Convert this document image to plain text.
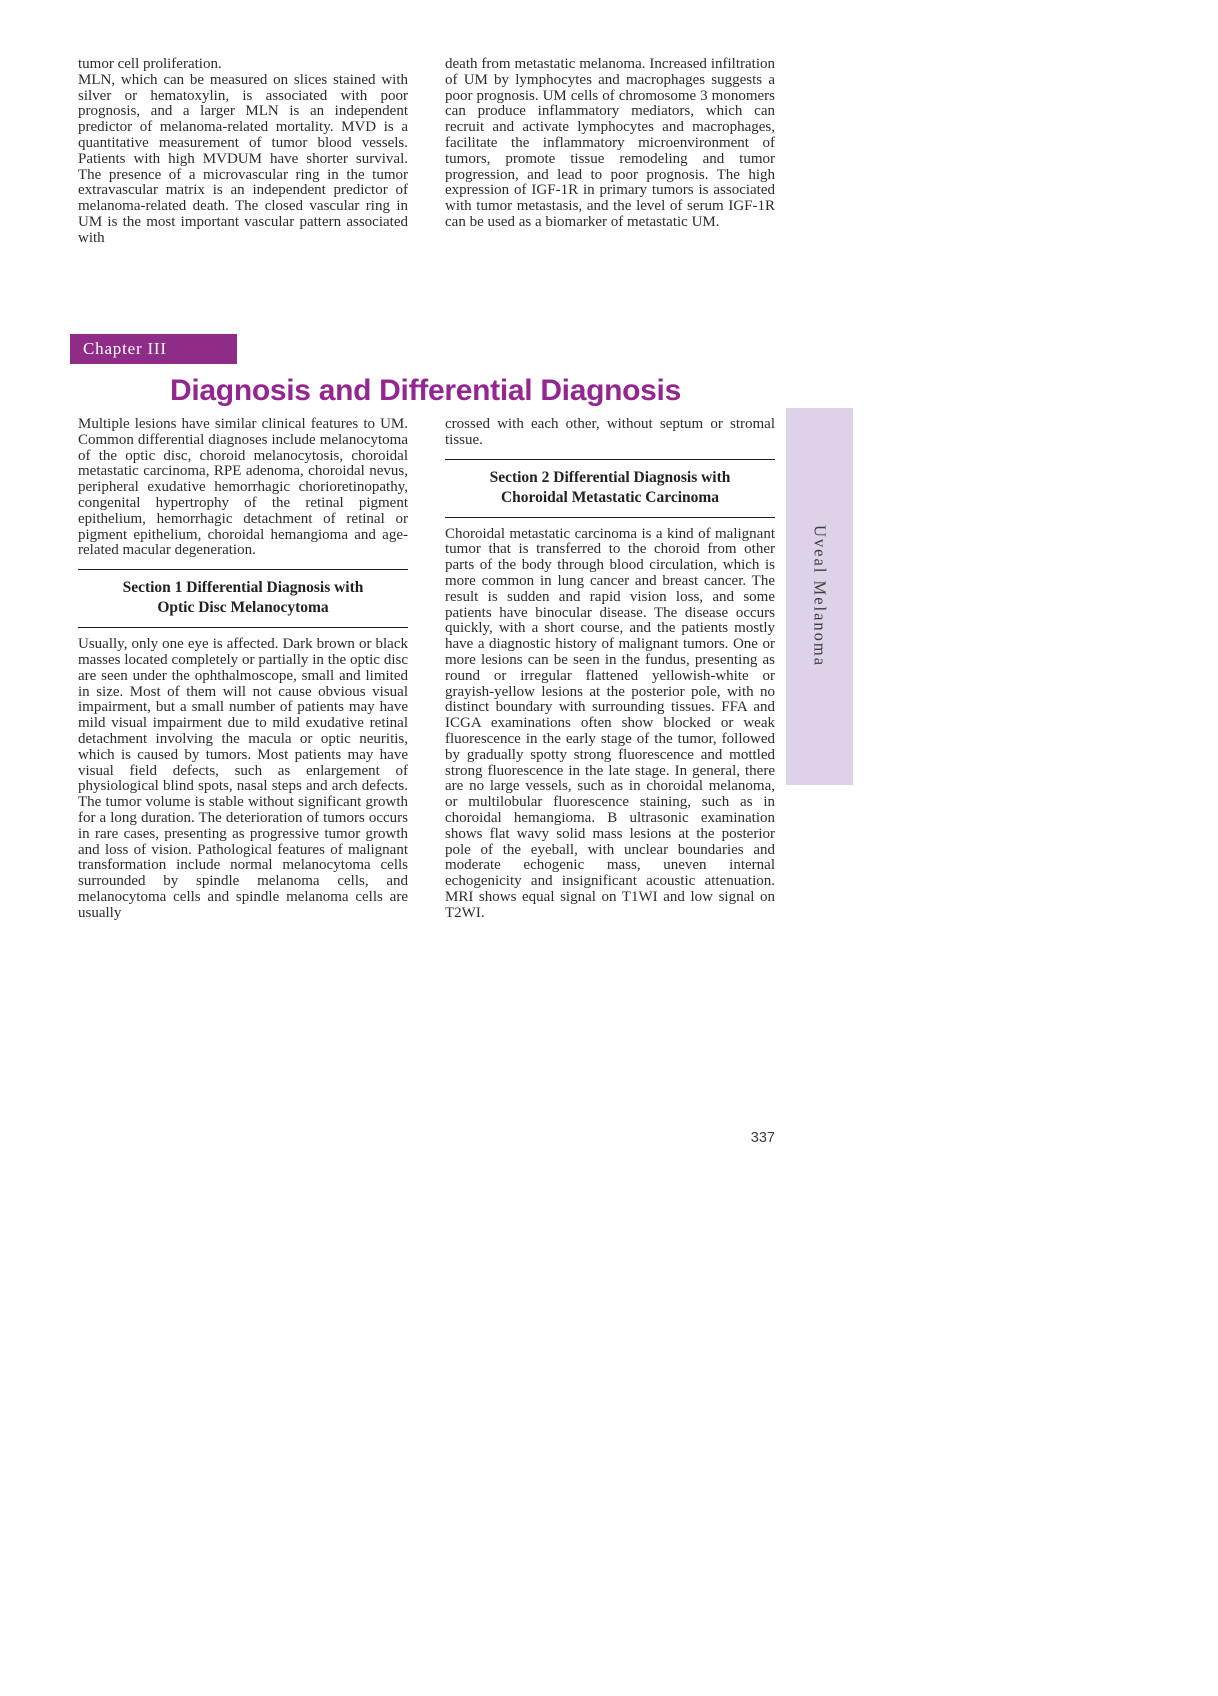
tumor cell proliferation.

MLN, which can be measured on slices stained with silver or hematoxylin, is associated with poor prognosis, and a larger MLN is an independent predictor of melanoma-related mortality. MVD is a quantitative measurement of tumor blood vessels. Patients with high MVDUM have shorter survival. The presence of a microvascular ring in the tumor extravascular matrix is an independent predictor of melanoma-related death. The closed vascular ring in UM is the most important vascular pattern associated with

death from metastatic melanoma. Increased infiltration of UM by lymphocytes and macrophages suggests a poor prognosis. UM cells of chromosome 3 monomers can produce inflammatory mediators, which can recruit and activate lymphocytes and macrophages, facilitate the inflammatory microenvironment of tumors, promote tissue remodeling and tumor progression, and lead to poor prognosis. The high expression of IGF-1R in primary tumors is associated with tumor metastasis, and the level of serum IGF-1R can be used as a biomarker of metastatic UM.

Chapter III
Diagnosis and Differential Diagnosis

Multiple lesions have similar clinical features to UM. Common differential diagnoses include melanocytoma of the optic disc, choroid melanocytosis, choroidal metastatic carcinoma, RPE adenoma, choroidal nevus, peripheral exudative hemorrhagic chorioretinopathy, congenital hypertrophy of the retinal pigment epithelium, hemorrhagic detachment of retinal or pigment epithelium, choroidal hemangioma and age-related macular degeneration.

Section 1 Differential Diagnosis with
Optic Disc Melanocytoma

Usually, only one eye is affected. Dark brown or black masses located completely or partially in the optic disc are seen under the ophthalmoscope, small and limited in size. Most of them will not cause obvious visual impairment, but a small number of patients may have mild visual impairment due to mild exudative retinal detachment involving the macula or optic neuritis, which is caused by tumors. Most patients may have visual field defects, such as enlargement of physiological blind spots, nasal steps and arch defects. The tumor volume is stable without significant growth for a long duration. The deterioration of tumors occurs in rare cases, presenting as progressive tumor growth and loss of vision. Pathological features of malignant transformation include normal melanocytoma cells surrounded by spindle melanoma cells, and melanocytoma cells and spindle melanoma cells are usually

crossed with each other, without septum or stromal tissue.

Section 2 Differential Diagnosis with
Choroidal Metastatic Carcinoma

Choroidal metastatic carcinoma is a kind of malignant tumor that is transferred to the choroid from other parts of the body through blood circulation, which is more common in lung cancer and breast cancer. The result is sudden and rapid vision loss, and some patients have binocular disease. The disease occurs quickly, with a short course, and the patients mostly have a diagnostic history of malignant tumors. One or more lesions can be seen in the fundus, presenting as round or irregular flattened yellowish-white or grayish-yellow lesions at the posterior pole, with no distinct boundary with surrounding tissues. FFA and ICGA examinations often show blocked or weak fluorescence in the early stage of the tumor, followed by gradually spotty strong fluorescence and mottled strong fluorescence in the late stage. In general, there are no large vessels, such as in choroidal melanoma, or multilobular fluorescence staining, such as in choroidal hemangioma. B ultrasonic examination shows flat wavy solid mass lesions at the posterior pole of the eyeball, with unclear boundaries and moderate echogenic mass, uneven internal echogenicity and insignificant acoustic attenuation. MRI shows equal signal on T1WI and low signal on T2WI.

337
Uveal Melanoma
